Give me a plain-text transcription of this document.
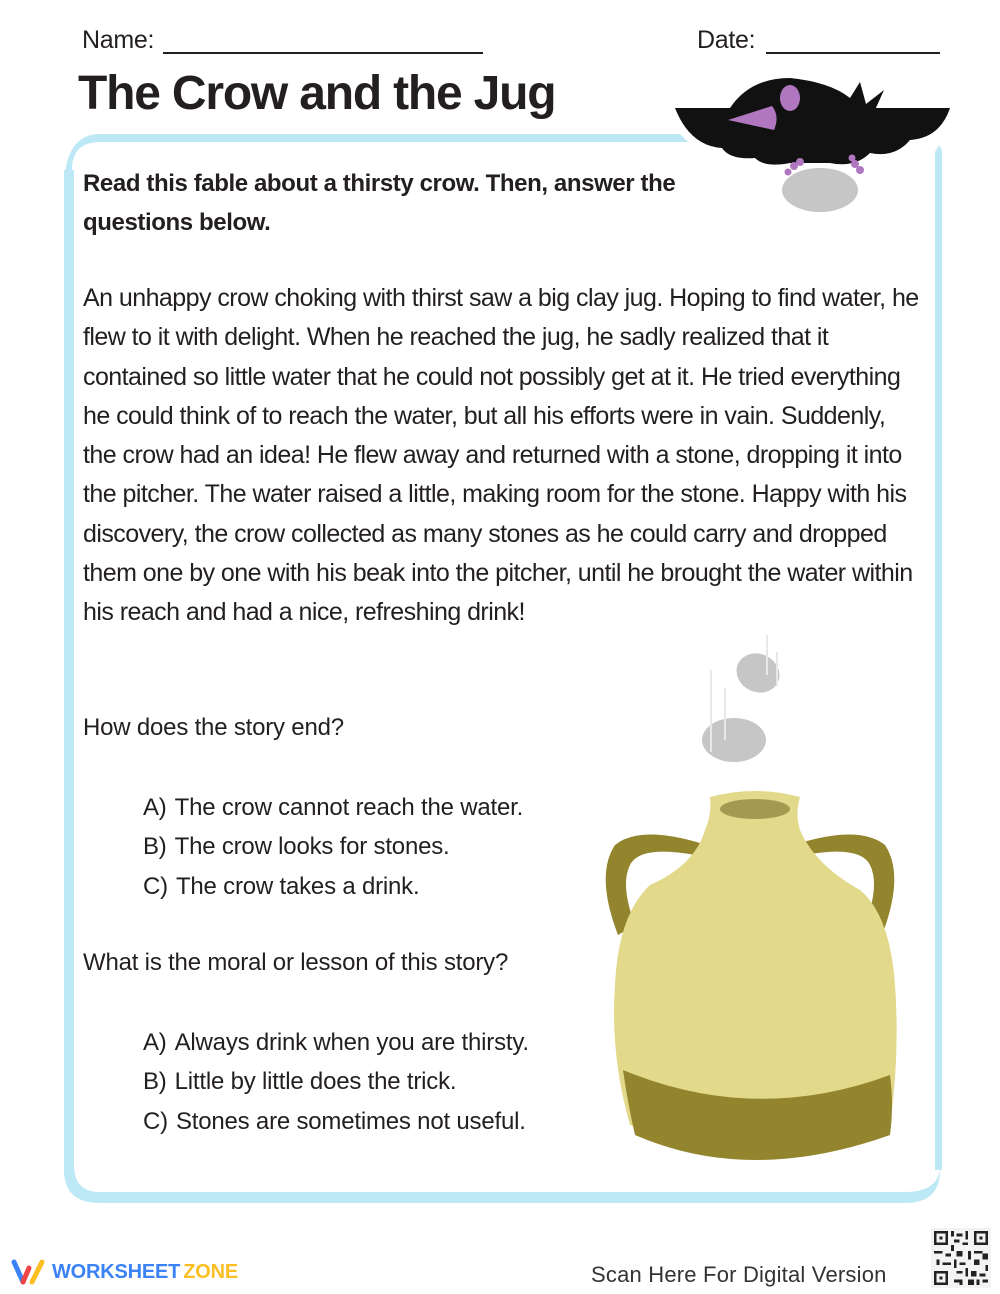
Name:	Date:
The Crow and the Jug

Read this fable about a thirsty crow. Then, answer the questions below.

An unhappy crow choking with thirst saw a big clay jug. Hoping to find water, he flew to it with delight. When he reached the jug, he sadly realized that it contained so little water that he could not possibly get at it. He tried everything he could think of to reach the water, but all his efforts were in vain. Suddenly, the crow had an idea! He flew away and returned with a stone, dropping it into the pitcher. The water raised a little, making room for the stone. Happy with his discovery, the crow collected as many stones as he could carry and dropped them one by one with his beak into the pitcher, until he brought the water within his reach and had a nice, refreshing drink!

How does the story end?

A) The crow cannot reach the water.
B) The crow looks for stones.
C) The crow takes a drink.

What is the moral or lesson of this story?

A) Always drink when you are thirsty.
B) Little by little does the trick.
C) Stones are sometimes not useful.
WORKSHEET ZONE	Scan Here For Digital Version
